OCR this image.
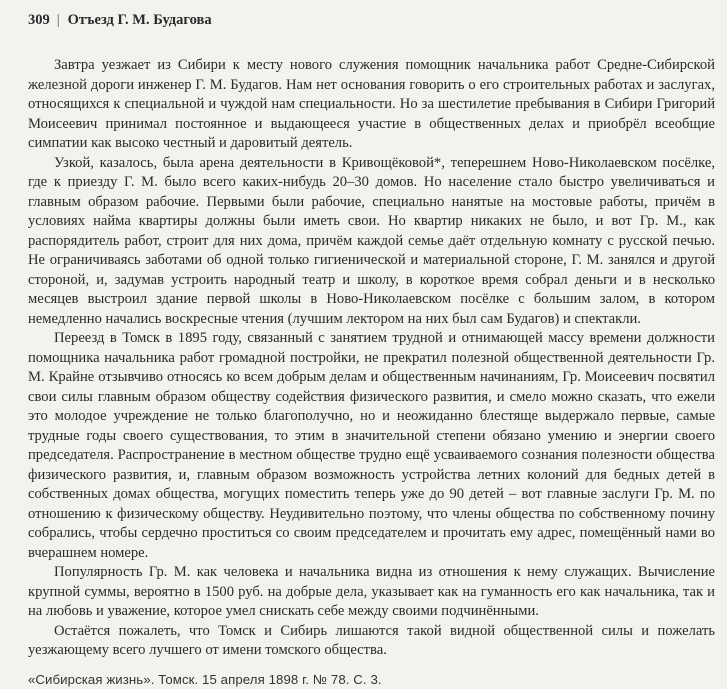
309 | Отъезд Г. М. Будагова

Завтра уезжает из Сибири к месту нового служения помощник начальника работ Средне-Сибирской железной дороги инженер Г. М. Будагов. Нам нет основания говорить о его строительных работах и заслугах, относящихся к специальной и чуждой нам специальности. Но за шестилетие пребывания в Сибири Григорий Моисеевич принимал постоянное и выдающееся участие в общественных делах и приобрёл всеобщие симпатии как высоко честный и даровитый деятель.

Узкой, казалось, была арена деятельности в Кривощёковой*, теперешнем Ново-Николаевском посёлке, где к приезду Г. М. было всего каких-нибудь 20–30 домов. Но население стало быстро увеличиваться и главным образом рабочие. Первыми были рабочие, специально нанятые на мостовые работы, причём в условиях найма квартиры должны были иметь свои. Но квартир никаких не было, и вот Гр. М., как распорядитель работ, строит для них дома, причём каждой семье даёт отдельную комнату с русской печью. Не ограничиваясь заботами об одной только гигиенической и материальной стороне, Г. М. занялся и другой стороной, и, задумав устроить народный театр и школу, в короткое время собрал деньги и в несколько месяцев выстроил здание первой школы в Ново-Николаевском посёлке с большим залом, в котором немедленно начались воскресные чтения (лучшим лектором на них был сам Будагов) и спектакли.

Переезд в Томск в 1895 году, связанный с занятием трудной и отнимающей массу времени должности помощника начальника работ громадной постройки, не прекратил полезной общественной деятельности Гр. М. Крайне отзывчиво относясь ко всем добрым делам и общественным начинаниям, Гр. Моисеевич посвятил свои силы главным образом обществу содействия физического развития, и смело можно сказать, что ежели это молодое учреждение не только благополучно, но и неожиданно блестяще выдержало первые, самые трудные годы своего существования, то этим в значительной степени обязано умению и энергии своего председателя. Распространение в местном обществе трудно ещё усваиваемого сознания полезности общества физического развития, и, главным образом возможность устройства летних колоний для бедных детей в собственных домах общества, могущих поместить теперь уже до 90 детей – вот главные заслуги Гр. М. по отношению к физическому обществу. Неудивительно поэтому, что члены общества по собственному почину собрались, чтобы сердечно проститься со своим председателем и прочитать ему адрес, помещённый нами во вчерашнем номере.

Популярность Гр. М. как человека и начальника видна из отношения к нему служащих. Вычисление крупной суммы, вероятно в 1500 руб. на добрые дела, указывает как на гуманность его как начальника, так и на любовь и уважение, которое умел снискать себе между своими подчинёнными.

Остаётся пожалеть, что Томск и Сибирь лишаются такой видной общественной силы и пожелать уезжающему всего лучшего от имени томского общества.

«Сибирская жизнь». Томск. 15 апреля 1898 г. № 78. С. 3.
